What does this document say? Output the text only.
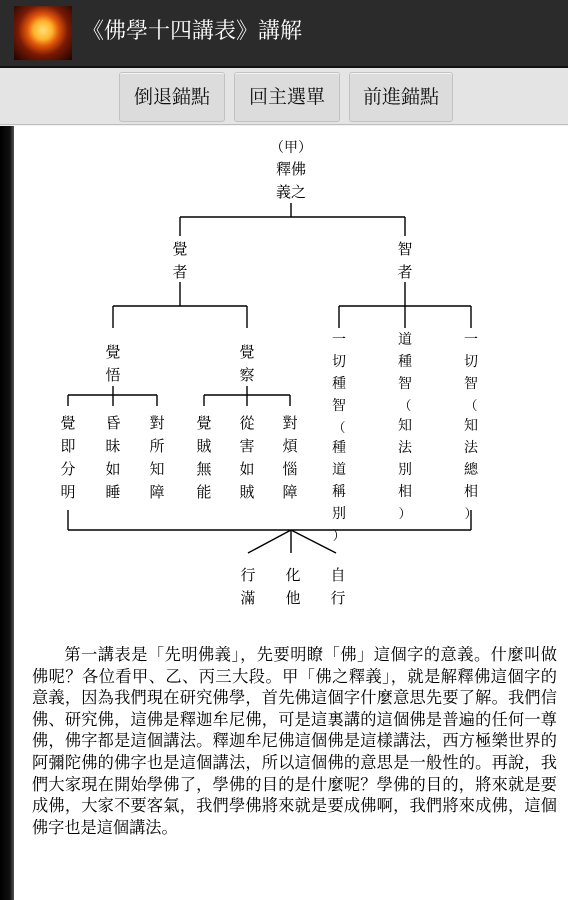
《佛學十四講表》講解
倒退錨點	回主選單	前進錨點
（甲）
釋佛
義之
覺
者
智
者
覺
悟
覺
察
一
切
種
智
（
種
道
稱
別
）
道
種
智
（
知
法
別
相
）
一
切
智
（
知
法
總
相
）
覺
即
分
明
昏
昧
如
睡
對
所
知
障
覺
賊
無
能
從
害
如
賊
對
煩
惱
障
行
滿
化
他
自
行

第一講表是「先明佛義」，先要明瞭「佛」這個字的意義。什麼叫做佛呢？各位看甲、乙、丙三大段。甲「佛之釋義」，就是解釋佛這個字的意義，因為我們現在研究佛學，首先佛這個字什麼意思先要了解。我們信佛、研究佛，這佛是釋迦牟尼佛，可是這裏講的這個佛是普遍的任何一尊佛，佛字都是這個講法。釋迦牟尼佛這個佛是這樣講法，西方極樂世界的阿彌陀佛的佛字也是這個講法，所以這個佛的意思是一般性的。再說，我們大家現在開始學佛了，學佛的目的是什麼呢？學佛的目的，將來就是要成佛，大家不要客氣，我們學佛將來就是要成佛啊，我們將來成佛，這個佛字也是這個講法。
